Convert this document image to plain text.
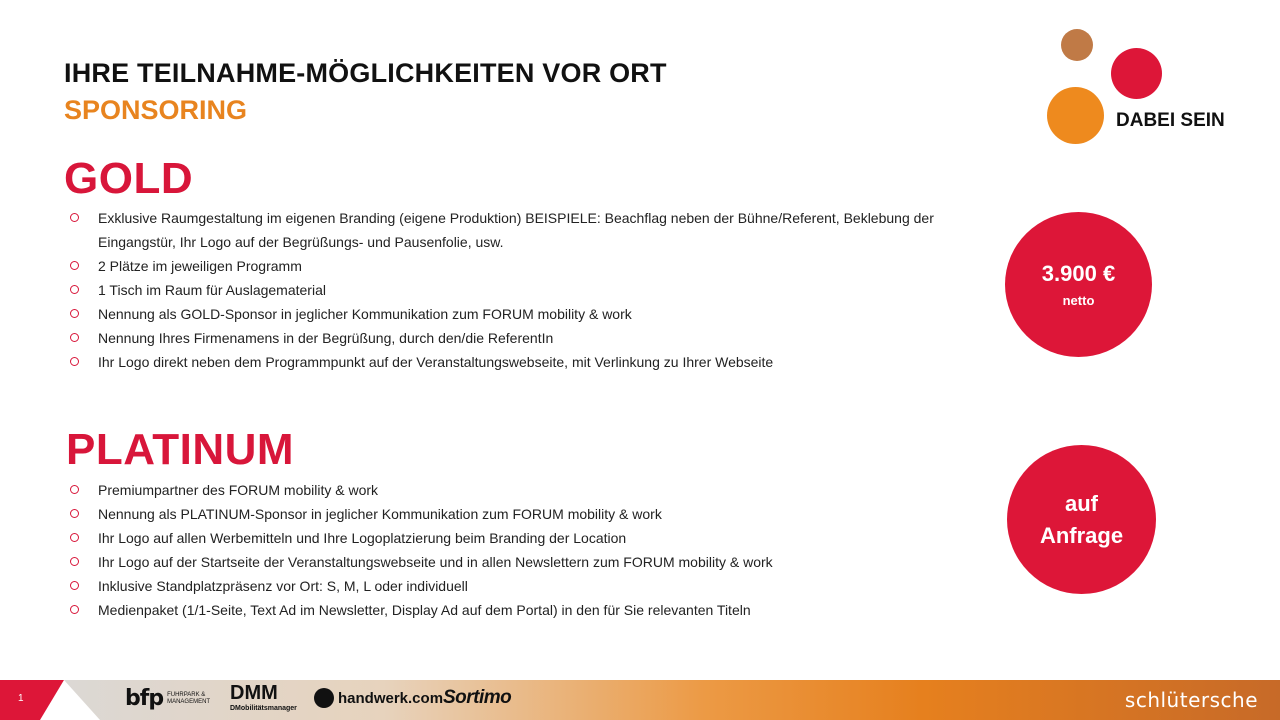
IHRE TEILNAHME-MÖGLICHKEITEN VOR ORT
SPONSORING	DABEI SEIN
GOLD
Exklusive Raumgestaltung im eigenen Branding (eigene Produktion) BEISPIELE: Beachflag neben der Bühne/Referent, Beklebung der Eingangstür, Ihr Logo auf der Begrüßungs- und Pausenfolie, usw.
2 Plätze im jeweiligen Programm
1 Tisch im Raum für Auslagematerial
Nennung als GOLD-Sponsor in jeglicher Kommunikation zum FORUM mobility & work
Nennung Ihres Firmenamens in der Begrüßung, durch den/die ReferentIn
Ihr Logo direkt neben dem Programmpunkt auf der Veranstaltungswebseite, mit Verlinkung zu Ihrer Webseite
3.900 €
netto
PLATINUM
Premiumpartner des FORUM mobility & work
Nennung als PLATINUM-Sponsor in jeglicher Kommunikation zum FORUM mobility & work
Ihr Logo auf allen Werbemitteln und Ihre Logoplatzierung beim Branding der Location
Ihr Logo auf der Startseite der Veranstaltungswebseite und in allen Newslettern zum FORUM mobility & work
Inklusive Standplatzpräsenz vor Ort: S, M, L oder individuell
Medienpaket (1/1-Seite, Text Ad im Newsletter, Display Ad auf dem Portal) in den für Sie relevanten Titeln
auf
Anfrage
1	bfp FUHRPARK & MANAGEMENT DMM
DMobilitätsmanager
handwerk.com Sortimo	schlütersche
